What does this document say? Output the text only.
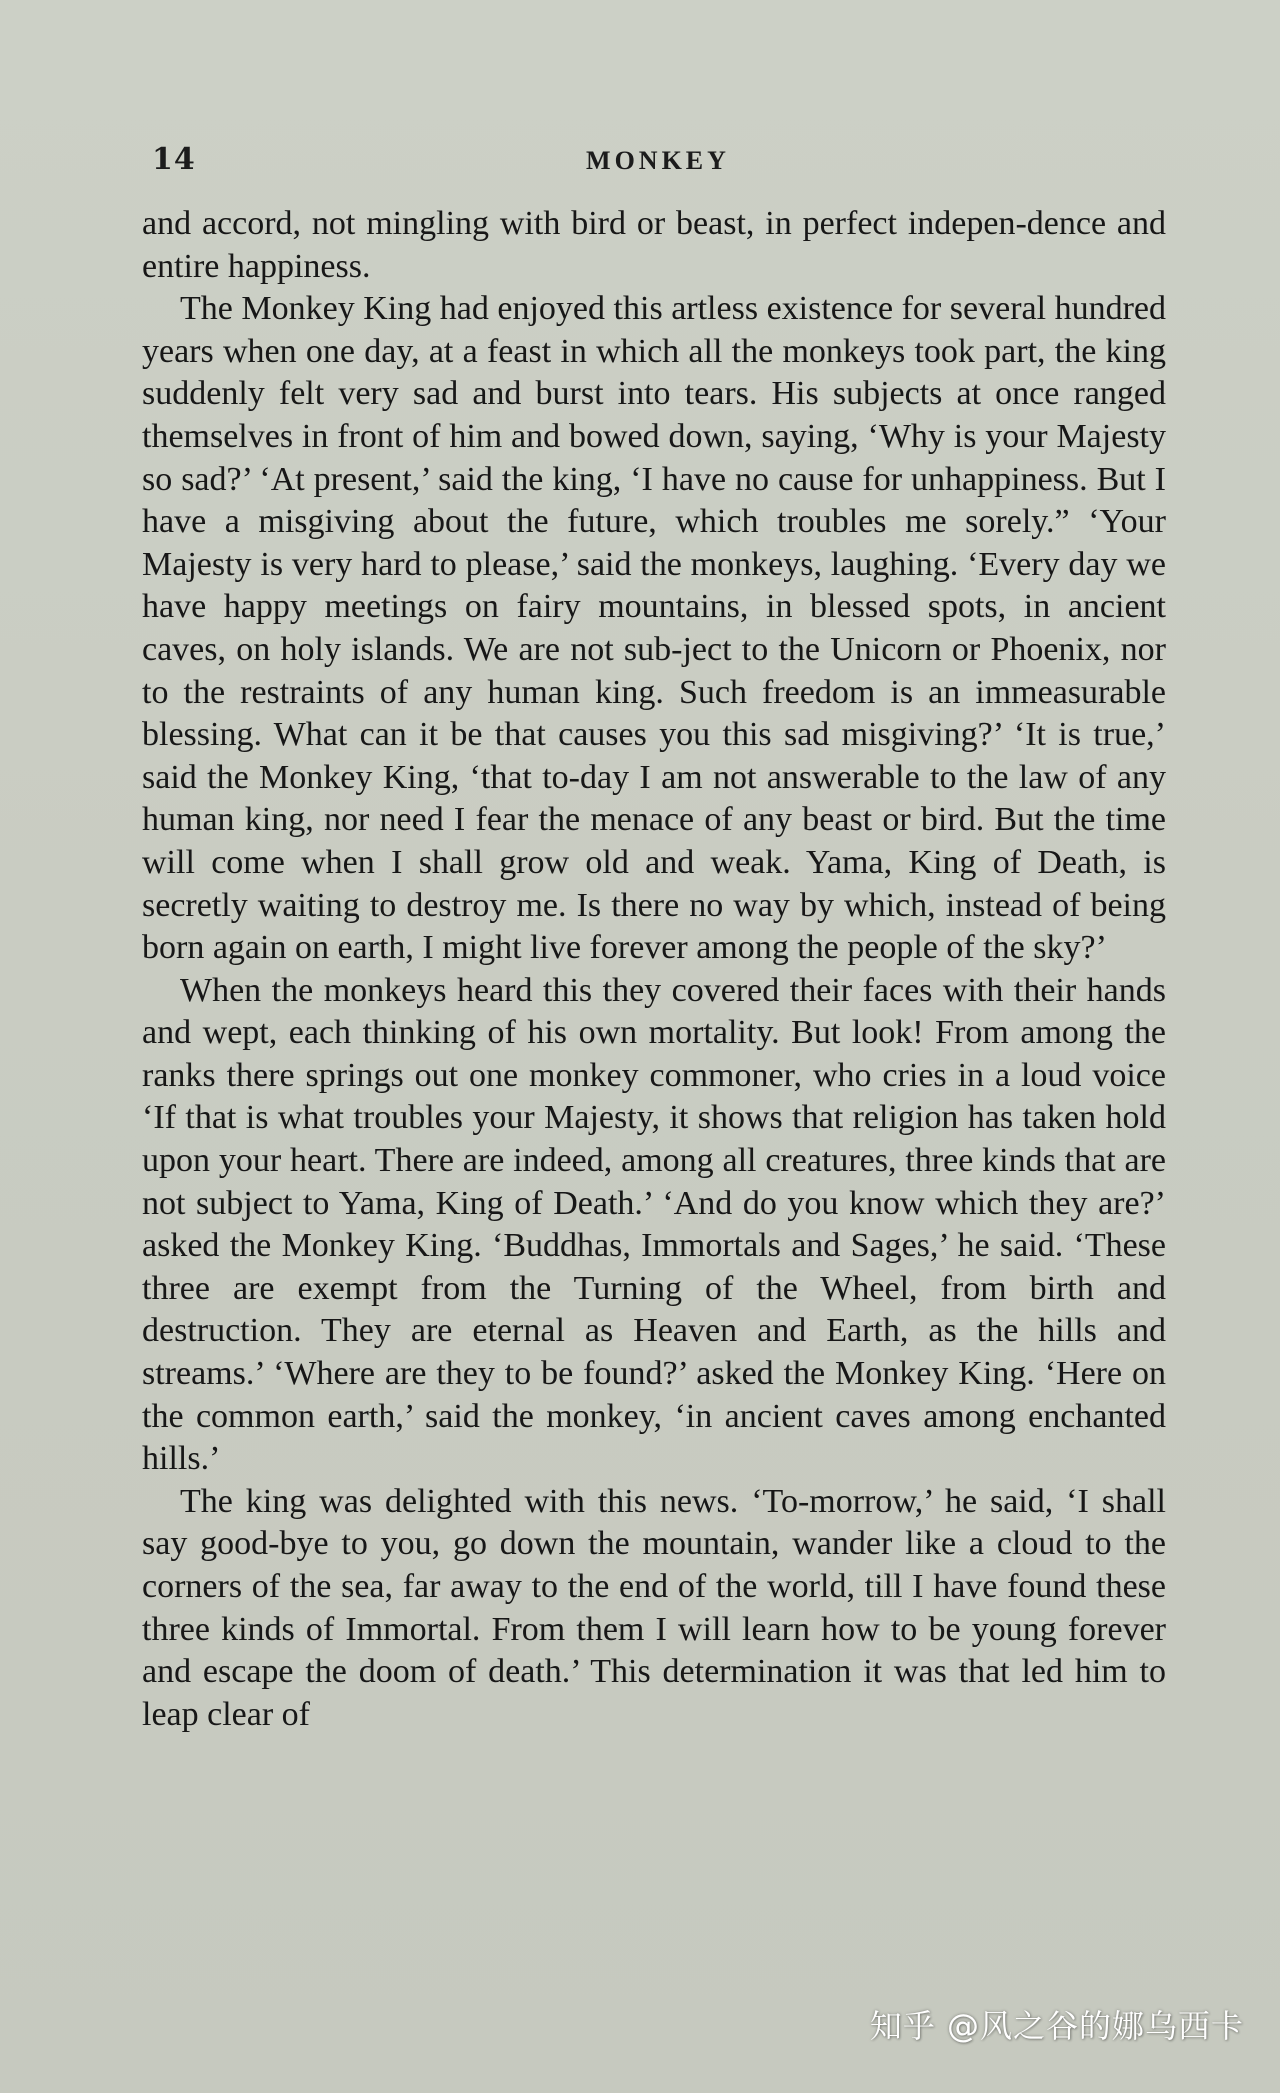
14	MONKEY

and accord, not mingling with bird or beast, in perfect indepen-dence and entire happiness.

The Monkey King had enjoyed this artless existence for several hundred years when one day, at a feast in which all the monkeys took part, the king suddenly felt very sad and burst into tears. His subjects at once ranged themselves in front of him and bowed down, saying, ‘Why is your Majesty so sad?’ ‘At present,’ said the king, ‘I have no cause for unhappiness. But I have a misgiving about the future, which troubles me sorely.” ‘Your Majesty is very hard to please,’ said the monkeys, laughing. ‘Every day we have happy meetings on fairy mountains, in blessed spots, in ancient caves, on holy islands. We are not sub-ject to the Unicorn or Phoenix, nor to the restraints of any human king. Such freedom is an immeasurable blessing. What can it be that causes you this sad misgiving?’ ‘It is true,’ said the Monkey King, ‘that to-day I am not answerable to the law of any human king, nor need I fear the menace of any beast or bird. But the time will come when I shall grow old and weak. Yama, King of Death, is secretly waiting to destroy me. Is there no way by which, instead of being born again on earth, I might live forever among the people of the sky?’

When the monkeys heard this they covered their faces with their hands and wept, each thinking of his own mortality. But look! From among the ranks there springs out one monkey commoner, who cries in a loud voice ‘If that is what troubles your Majesty, it shows that religion has taken hold upon your heart. There are indeed, among all creatures, three kinds that are not subject to Yama, King of Death.’ ‘And do you know which they are?’ asked the Monkey King. ‘Buddhas, Immortals and Sages,’ he said. ‘These three are exempt from the Turning of the Wheel, from birth and destruction. They are eternal as Heaven and Earth, as the hills and streams.’ ‘Where are they to be found?’ asked the Monkey King. ‘Here on the common earth,’ said the monkey, ‘in ancient caves among enchanted hills.’

The king was delighted with this news. ‘To-morrow,’ he said, ‘I shall say good-bye to you, go down the mountain, wander like a cloud to the corners of the sea, far away to the end of the world, till I have found these three kinds of Immortal. From them I will learn how to be young forever and escape the doom of death.’ This determination it was that led him to leap clear of

知乎 @风之谷的娜乌西卡
